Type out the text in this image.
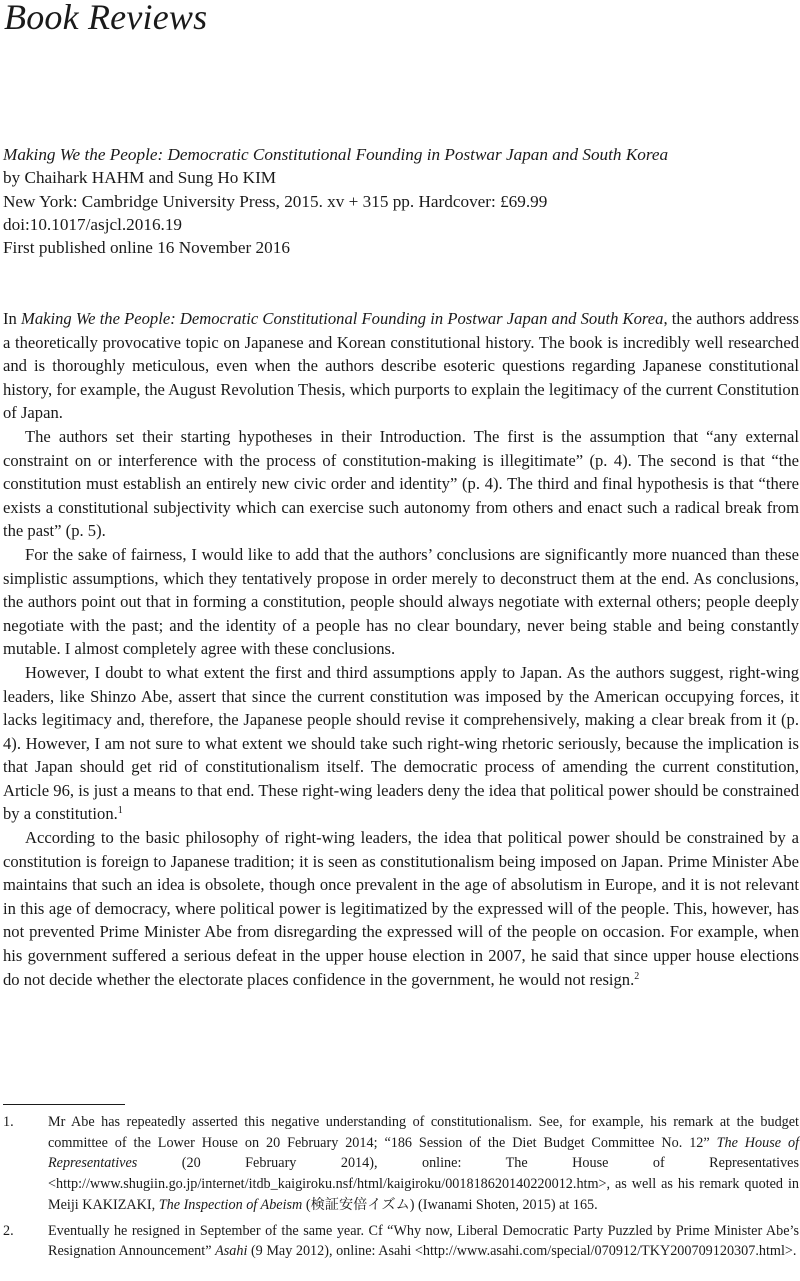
Book Reviews
Making We the People: Democratic Constitutional Founding in Postwar Japan and South Korea
by Chaihark HAHM and Sung Ho KIM
New York: Cambridge University Press, 2015. xv + 315 pp. Hardcover: £69.99
doi:10.1017/asjcl.2016.19
First published online 16 November 2016

In Making We the People: Democratic Constitutional Founding in Postwar Japan and South Korea, the authors address a theoretically provocative topic on Japanese and Korean constitutional history. The book is incredibly well researched and is thoroughly meticulous, even when the authors describe esoteric questions regarding Japanese constitutional history, for example, the August Revolution Thesis, which purports to explain the legitimacy of the current Constitution of Japan.

The authors set their starting hypotheses in their Introduction. The first is the assumption that “any external constraint on or interference with the process of constitution-making is illegitimate” (p. 4). The second is that “the constitution must establish an entirely new civic order and identity” (p. 4). The third and final hypothesis is that “there exists a constitutional subjectivity which can exercise such autonomy from others and enact such a radical break from the past” (p. 5).

For the sake of fairness, I would like to add that the authors’ conclusions are significantly more nuanced than these simplistic assumptions, which they tentatively propose in order merely to deconstruct them at the end. As conclusions, the authors point out that in forming a constitution, people should always negotiate with external others; people deeply negotiate with the past; and the identity of a people has no clear boundary, never being stable and being constantly mutable. I almost completely agree with these conclusions.

However, I doubt to what extent the first and third assumptions apply to Japan. As the authors suggest, right-wing leaders, like Shinzo Abe, assert that since the current constitution was imposed by the American occupying forces, it lacks legitimacy and, therefore, the Japanese people should revise it comprehensively, making a clear break from it (p. 4). However, I am not sure to what extent we should take such right-wing rhetoric seriously, because the implication is that Japan should get rid of constitutionalism itself. The democratic process of amending the current constitution, Article 96, is just a means to that end. These right-wing leaders deny the idea that political power should be constrained by a constitution.$^1$

According to the basic philosophy of right-wing leaders, the idea that political power should be constrained by a constitution is foreign to Japanese tradition; it is seen as constitutionalism being imposed on Japan. Prime Minister Abe maintains that such an idea is obsolete, though once prevalent in the age of absolutism in Europe, and it is not relevant in this age of democracy, where political power is legitimatized by the expressed will of the people. This, however, has not prevented Prime Minister Abe from disregarding the expressed will of the people on occasion. For example, when his government suffered a serious defeat in the upper house election in 2007, he said that since upper house elections do not decide whether the electorate places confidence in the government, he would not resign.$^2$

1. Mr Abe has repeatedly asserted this negative understanding of constitutionalism. See, for example, his remark at the budget committee of the Lower House on 20 February 2014; “186 Session of the Diet Budget Committee No. 12” The House of Representatives	(20 February 2014), online: The House of Representatives <http://www.shugiin.go.jp/internet/itdb_kaigiroku.nsf/html/kaigiroku/001818620140220012.htm>, as well as his remark quoted in Meiji KAKIZAKI, The Inspection of Abeism (検証安倍イズム) (Iwanami Shoten, 2015) at 165.
2. Eventually he resigned in September of the same year. Cf “Why now, Liberal Democratic Party Puzzled by Prime Minister Abe’s Resignation Announcement” Asahi (9 May 2012), online: Asahi <http://www.asahi.com/special/070912/TKY200709120307.html>.
